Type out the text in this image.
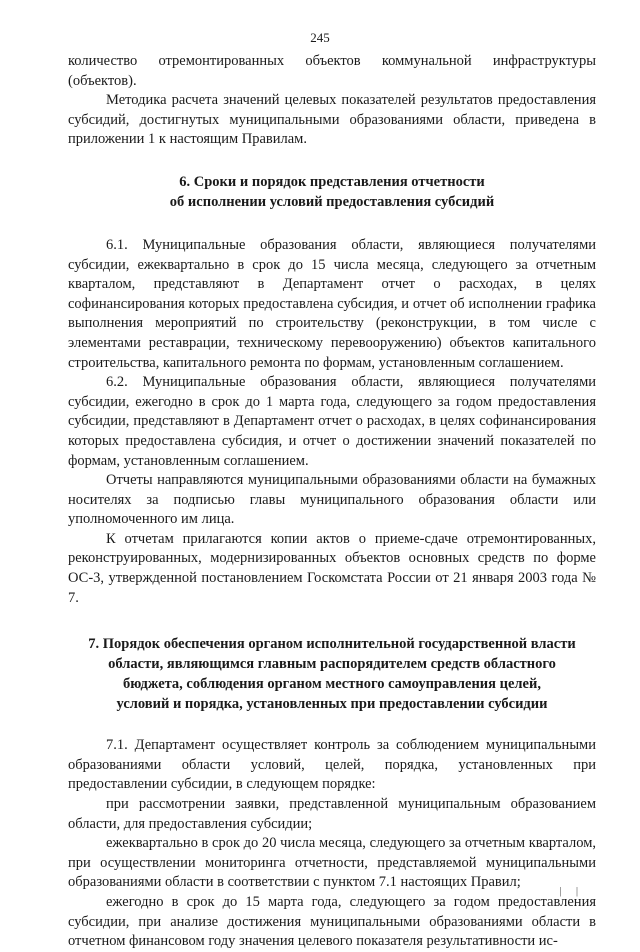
245

количество отремонтированных объектов коммунальной инфраструктуры (объектов).

Методика расчета значений целевых показателей результатов предоставления субсидий, достигнутых муниципальными образованиями области, приведена в приложении 1 к настоящим Правилам.

6. Сроки и порядок представления отчетности
об исполнении условий предоставления субсидий

6.1. Муниципальные образования области, являющиеся получателями субсидии, ежеквартально в срок до 15 числа месяца, следующего за отчетным кварталом, представляют в Департамент отчет о расходах, в целях софинансирования которых предоставлена субсидия, и отчет об исполнении графика выполнения мероприятий по строительству (реконструкции, в том числе с элементами реставрации, техническому перевооружению) объектов капитального строительства, капитального ремонта по формам, установленным соглашением.

6.2. Муниципальные образования области, являющиеся получателями субсидии, ежегодно в срок до 1 марта года, следующего за годом предоставления субсидии, представляют в Департамент отчет о расходах, в целях софинансирования которых предоставлена субсидия, и отчет о достижении значений показателей по формам, установленным соглашением.

Отчеты направляются муниципальными образованиями области на бумажных носителях за подписью главы муниципального образования области или уполномоченного им лица.

К отчетам прилагаются копии актов о приеме-сдаче отремонтированных, реконструированных, модернизированных объектов основных средств по форме ОС-3, утвержденной постановлением Госкомстата России от 21 января 2003 года № 7.

7. Порядок обеспечения органом исполнительной государственной власти
области, являющимся главным распорядителем средств областного
бюджета, соблюдения органом местного самоуправления целей,
условий и порядка, установленных при предоставлении субсидии

7.1. Департамент осуществляет контроль за соблюдением муниципальными образованиями области условий, целей, порядка, установленных при предоставлении субсидии, в следующем порядке:

при рассмотрении заявки, представленной муниципальным образованием области, для предоставления субсидии;

ежеквартально в срок до 20 числа месяца, следующего за отчетным кварталом, при осуществлении мониторинга отчетности, представляемой муниципальными образованиями области в соответствии с пунктом 7.1 настоящих Правил;

ежегодно в срок до 15 марта года, следующего за годом предоставления субсидии, при анализе достижения муниципальными образованиями области в отчетном финансовом году значения целевого показателя результативности ис-

| |
